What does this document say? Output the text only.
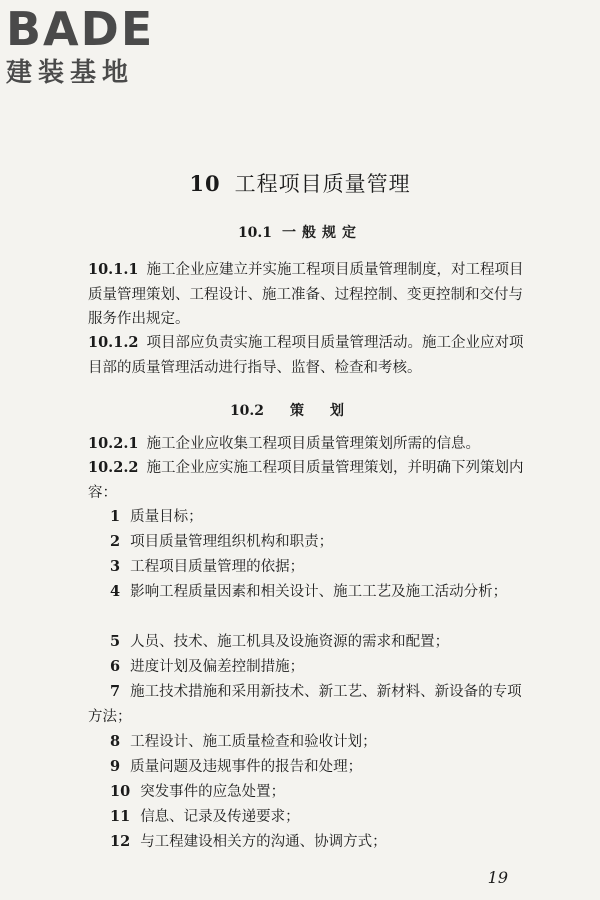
BADE
建装基地
10 工程项目质量管理
10.1 一般规定

10.1.1 施工企业应建立并实施工程项目质量管理制度，对工程项目质量管理策划、工程设计、施工准备、过程控制、变更控制和交付与服务作出规定。

10.1.2 项目部应负责实施工程项目质量管理活动。施工企业应对项目部的质量管理活动进行指导、监督、检查和考核。

10.2 策划

10.2.1 施工企业应收集工程项目质量管理策划所需的信息。

10.2.2 施工企业应实施工程项目质量管理策划，并明确下列策划内容：

1 质量目标；

2 项目质量管理组织机构和职责；

3 工程项目质量管理的依据；

4 影响工程质量因素和相关设计、施工工艺及施工活动分析；

5 人员、技术、施工机具及设施资源的需求和配置；

6 进度计划及偏差控制措施；

7 施工技术措施和采用新技术、新工艺、新材料、新设备的专项方法；

8 工程设计、施工质量检查和验收计划；

9 质量问题及违规事件的报告和处理；

10 突发事件的应急处置；

11 信息、记录及传递要求；

12 与工程建设相关方的沟通、协调方式；

19
